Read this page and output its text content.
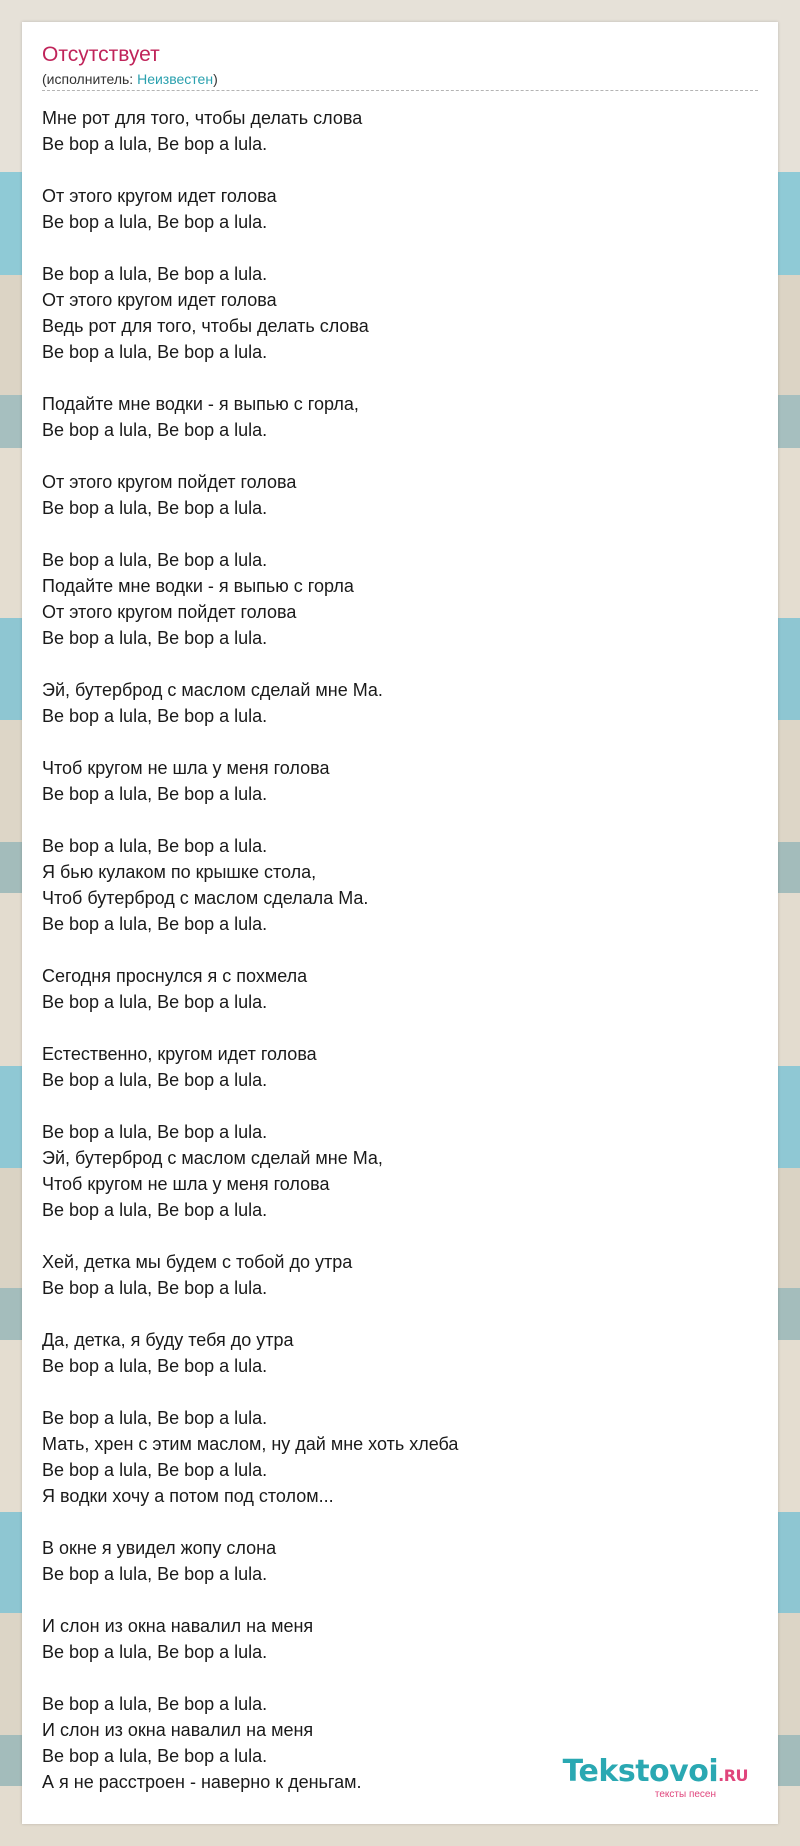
Отсутствует
(исполнитель: Неизвестен)
Мне рот для того, чтобы делать слова
Be bop a lula, Be bop a lula.
От этого кругом идет голова
Be bop a lula, Be bop a lula.
Be bop a lula, Be bop a lula.
От этого кругом идет голова
Ведь рот для того, чтобы делать слова
Be bop a lula, Be bop a lula.
Подайте мне водки - я выпью с горла,
Be bop a lula, Be bop a lula.
От этого кругом пойдет голова
Be bop a lula, Be bop a lula.
Be bop a lula, Be bop a lula.
Подайте мне водки - я выпью с горла
От этого кругом пойдет голова
Be bop a lula, Be bop a lula.
Эй, бутерброд с маслом сделай мне Ма.
Be bop a lula, Be bop a lula.
Чтоб кругом не шла у меня голова
Be bop a lula, Be bop a lula.
Be bop a lula, Be bop a lula.
Я бью кулаком по крышке стола,
Чтоб бутерброд с маслом сделала Ма.
Be bop a lula, Be bop a lula.
Сегодня проснулся я с похмела
Be bop a lula, Be bop a lula.
Естественно, кругом идет голова
Be bop a lula, Be bop a lula.
Be bop a lula, Be bop a lula.
Эй, бутерброд с маслом сделай мне Ма,
Чтоб кругом не шла у меня голова
Be bop a lula, Be bop a lula.
Хей, детка мы будем с тобой до утра
Be bop a lula, Be bop a lula.
Да, детка, я буду тебя до утра
Be bop a lula, Be bop a lula.
Be bop a lula, Be bop a lula.
Мать, хрен с этим маслом, ну дай мне хоть хлеба
Be bop a lula, Be bop a lula.
Я водки хочу а потом под столом...
В окне я увидел жопу слона
Be bop a lula, Be bop a lula.
И слон из окна навалил на меня
Be bop a lula, Be bop a lula.
Be bop a lula, Be bop a lula.
И слон из окна навалил на меня
Be bop a lula, Be bop a lula.
А я не расстроен - наверно к деньгам.	Tekstovoi.RU
тексты песен
